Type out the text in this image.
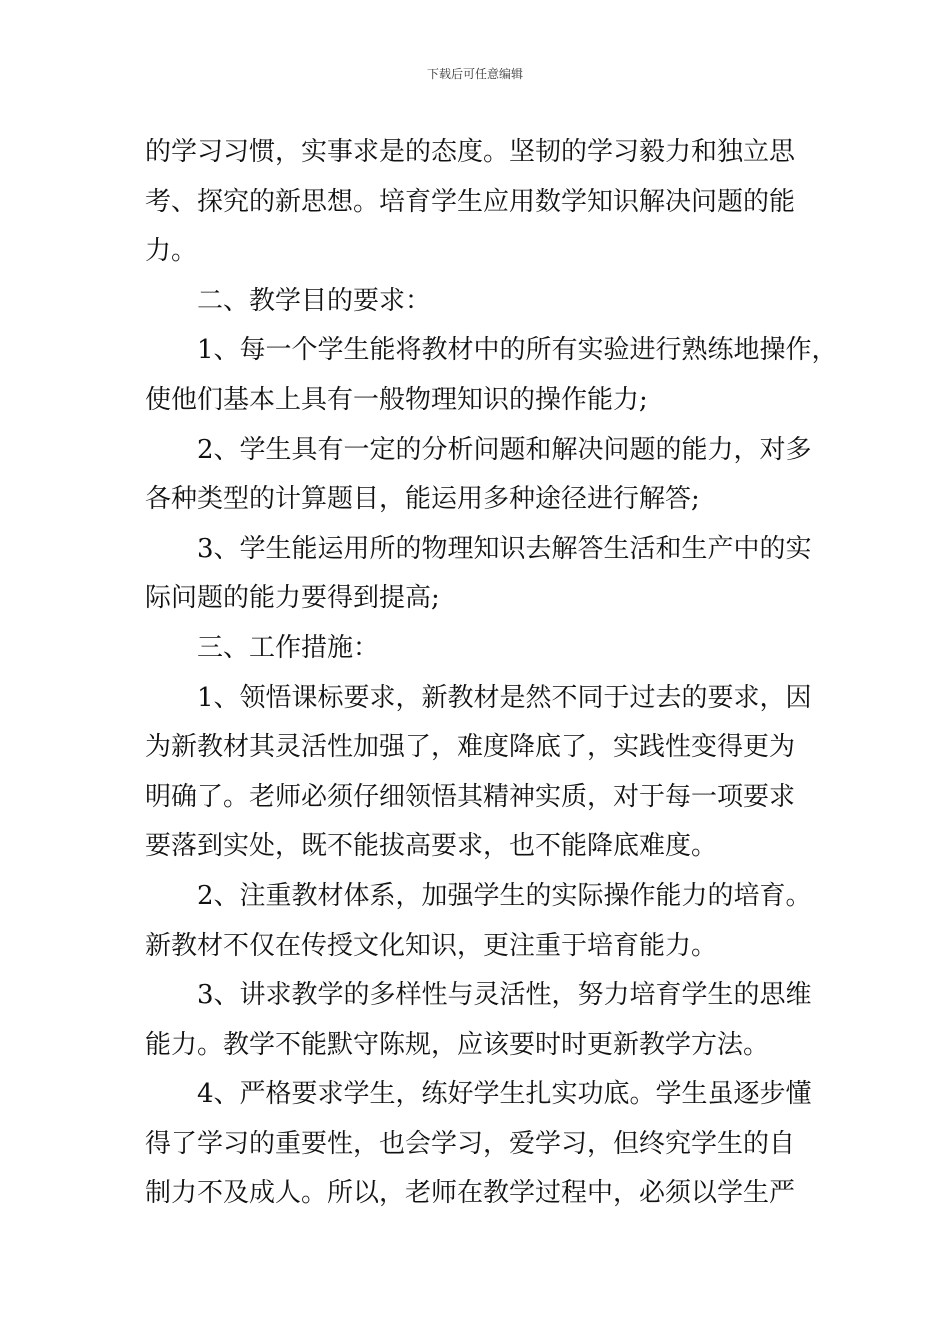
下载后可任意编辑
的学习习惯，实事求是的态度。坚韧的学习毅力和独立思
考、探究的新思想。培育学生应用数学知识解决问题的能
力。
二、教学目的要求：
1、每一个学生能将教材中的所有实验进行熟练地操作，
使他们基本上具有一般物理知识的操作能力;
2、学生具有一定的分析问题和解决问题的能力，对多
各种类型的计算题目，能运用多种途径进行解答;
3、学生能运用所的物理知识去解答生活和生产中的实
际问题的能力要得到提高;
三、工作措施：
1、领悟课标要求，新教材是然不同于过去的要求，因
为新教材其灵活性加强了，难度降底了，实践性变得更为
明确了。老师必须仔细领悟其精神实质，对于每一项要求
要落到实处，既不能拔高要求，也不能降底难度。
2、注重教材体系，加强学生的实际操作能力的培育。
新教材不仅在传授文化知识，更注重于培育能力。
3、讲求教学的多样性与灵活性，努力培育学生的思维
能力。教学不能默守陈规，应该要时时更新教学方法。
4、严格要求学生，练好学生扎实功底。学生虽逐步懂
得了学习的重要性，也会学习，爱学习，但终究学生的自
制力不及成人。所以，老师在教学过程中，必须以学生严
